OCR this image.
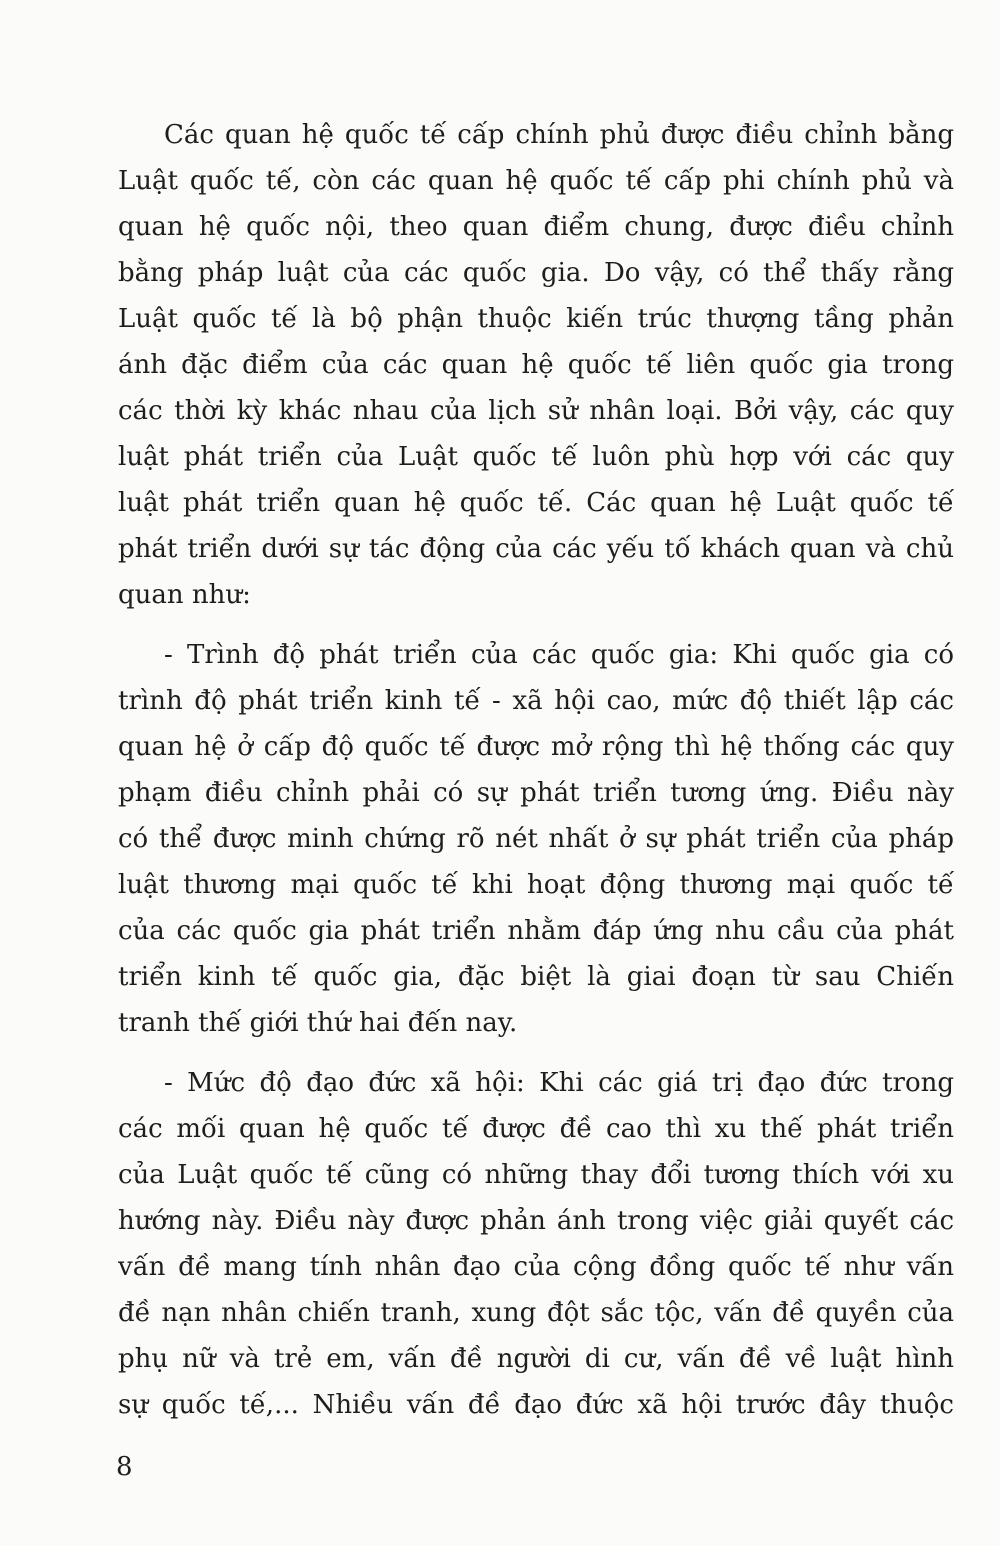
Các quan hệ quốc tế cấp chính phủ được điều chỉnh bằng
Luật quốc tế, còn các quan hệ quốc tế cấp phi chính phủ và
quan hệ quốc nội, theo quan điểm chung, được điều chỉnh
bằng pháp luật của các quốc gia. Do vậy, có thể thấy rằng
Luật quốc tế là bộ phận thuộc kiến trúc thượng tầng phản
ánh đặc điểm của các quan hệ quốc tế liên quốc gia trong
các thời kỳ khác nhau của lịch sử nhân loại. Bởi vậy, các quy
luật phát triển của Luật quốc tế luôn phù hợp với các quy
luật phát triển quan hệ quốc tế. Các quan hệ Luật quốc tế
phát triển dưới sự tác động của các yếu tố khách quan và chủ
quan như:
- Trình độ phát triển của các quốc gia: Khi quốc gia có
trình độ phát triển kinh tế - xã hội cao, mức độ thiết lập các
quan hệ ở cấp độ quốc tế được mở rộng thì hệ thống các quy
phạm điều chỉnh phải có sự phát triển tương ứng. Điều này
có thể được minh chứng rõ nét nhất ở sự phát triển của pháp
luật thương mại quốc tế khi hoạt động thương mại quốc tế
của các quốc gia phát triển nhằm đáp ứng nhu cầu của phát
triển kinh tế quốc gia, đặc biệt là giai đoạn từ sau Chiến
tranh thế giới thứ hai đến nay.
- Mức độ đạo đức xã hội: Khi các giá trị đạo đức trong
các mối quan hệ quốc tế được đề cao thì xu thế phát triển
của Luật quốc tế cũng có những thay đổi tương thích với xu
hướng này. Điều này được phản ánh trong việc giải quyết các
vấn đề mang tính nhân đạo của cộng đồng quốc tế như vấn
đề nạn nhân chiến tranh, xung đột sắc tộc, vấn đề quyền của
phụ nữ và trẻ em, vấn đề người di cư, vấn đề về luật hình
sự quốc tế,... Nhiều vấn đề đạo đức xã hội trước đây thuộc
8
